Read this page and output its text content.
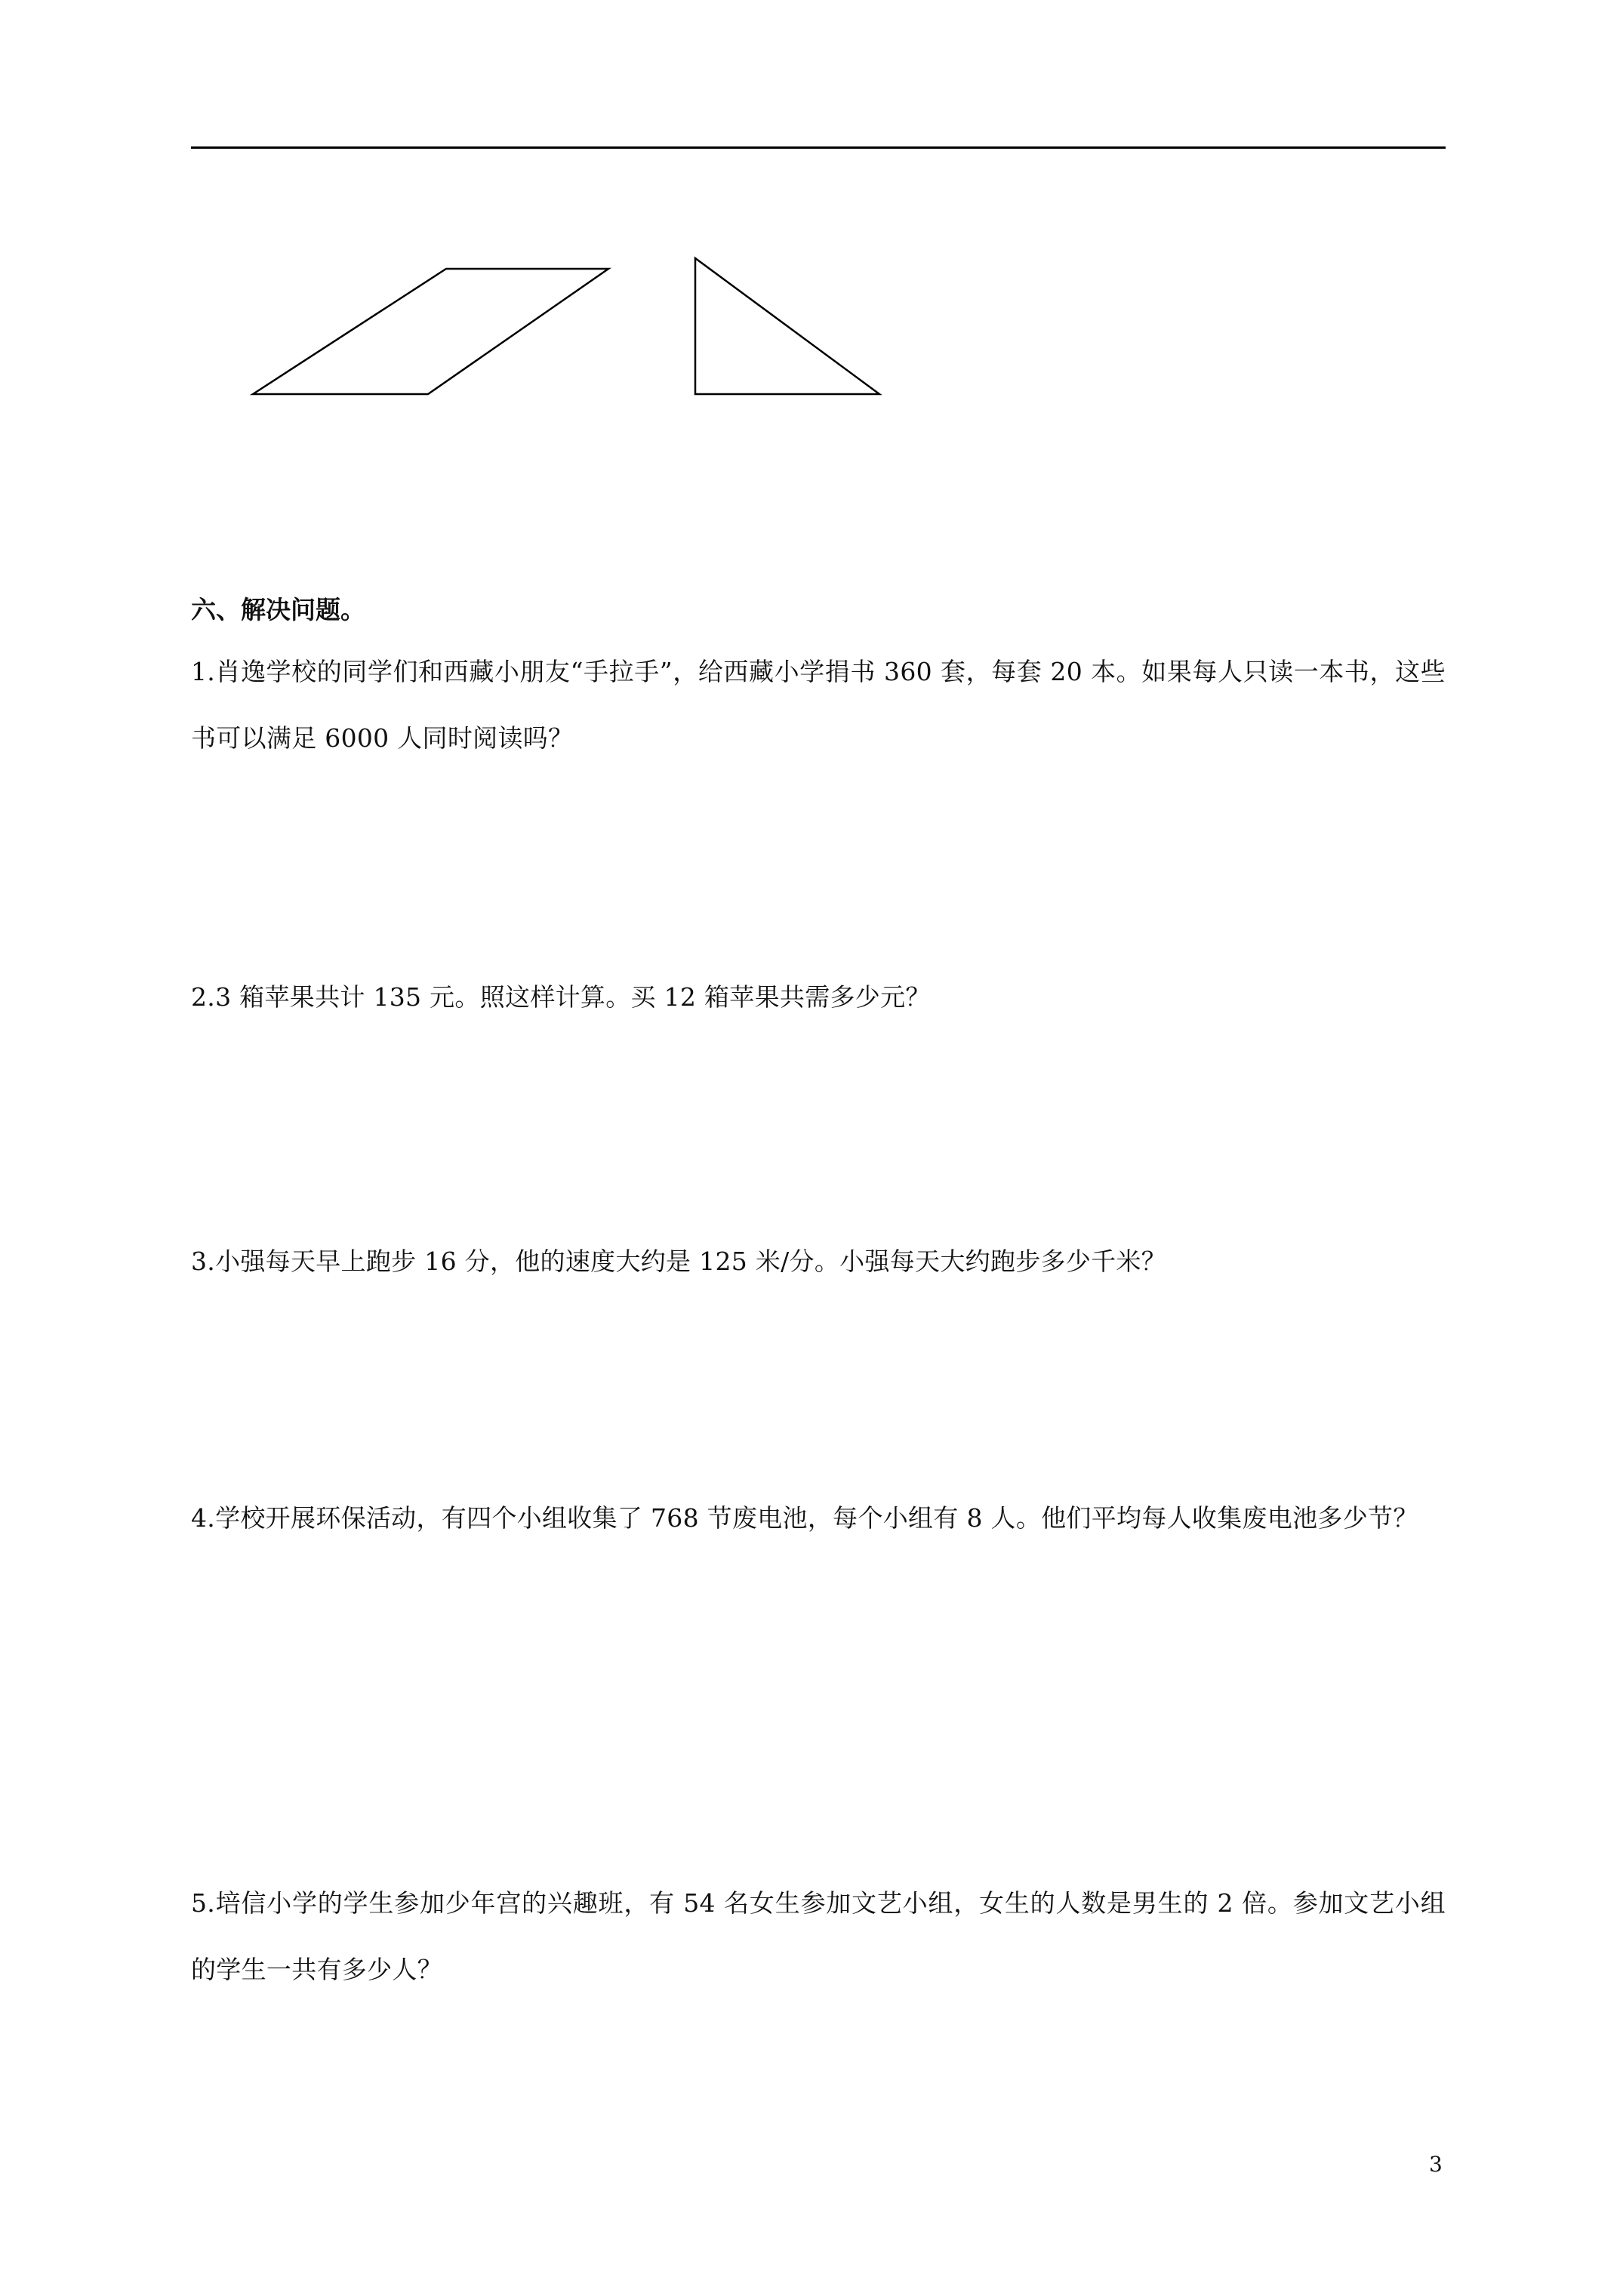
六、解决问题。
1.肖逸学校的同学们和西藏小朋友“手拉手”，给西藏小学捐书 360 套，每套 20 本。如果每人只读一本书，这些书可以满足 6000 人同时阅读吗？
2.3 箱苹果共计 135 元。照这样计算。买 12 箱苹果共需多少元？
3.小强每天早上跑步 16 分，他的速度大约是 125 米/分。小强每天大约跑步多少千米？
4.学校开展环保活动，有四个小组收集了 768 节废电池，每个小组有 8 人。他们平均每人收集废电池多少节？
5.培信小学的学生参加少年宫的兴趣班，有 54 名女生参加文艺小组，女生的人数是男生的 2 倍。参加文艺小组的学生一共有多少人？
3
